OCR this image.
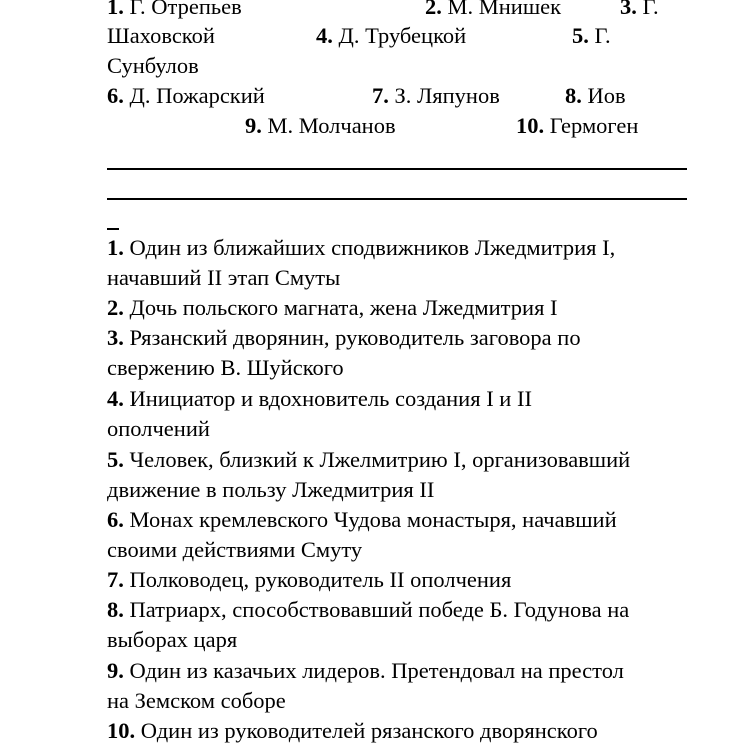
1. Г. Отрепьев	2. М. Мнишек	3. Г.
Шаховской	4. Д. Трубецкой	5. Г.
Сунбулов
6. Д. Пожарский	7. З. Ляпунов	8. Иов
9. М. Молчанов	10. Гермоген
1. Один из ближайших сподвижников Лжедмитрия I,
начавший II этап Смуты
2. Дочь польского магната, жена Лжедмитрия I
3. Рязанский дворянин, руководитель заговора по
свержению В. Шуйского
4. Инициатор и вдохновитель создания I и II
ополчений
5. Человек, близкий к Лжелмитрию I, организовавший
движение в пользу Лжедмитрия II
6. Монах кремлевского Чудова монастыря, начавший
своими действиями Смуту
7. Полководец, руководитель II ополчения
8. Патриарх, способствовавший победе Б. Годунова на
выборах царя
9. Один из казачьих лидеров. Претендовал на престол
на Земском соборе
10. Один из руководителей рязанского дворянского
